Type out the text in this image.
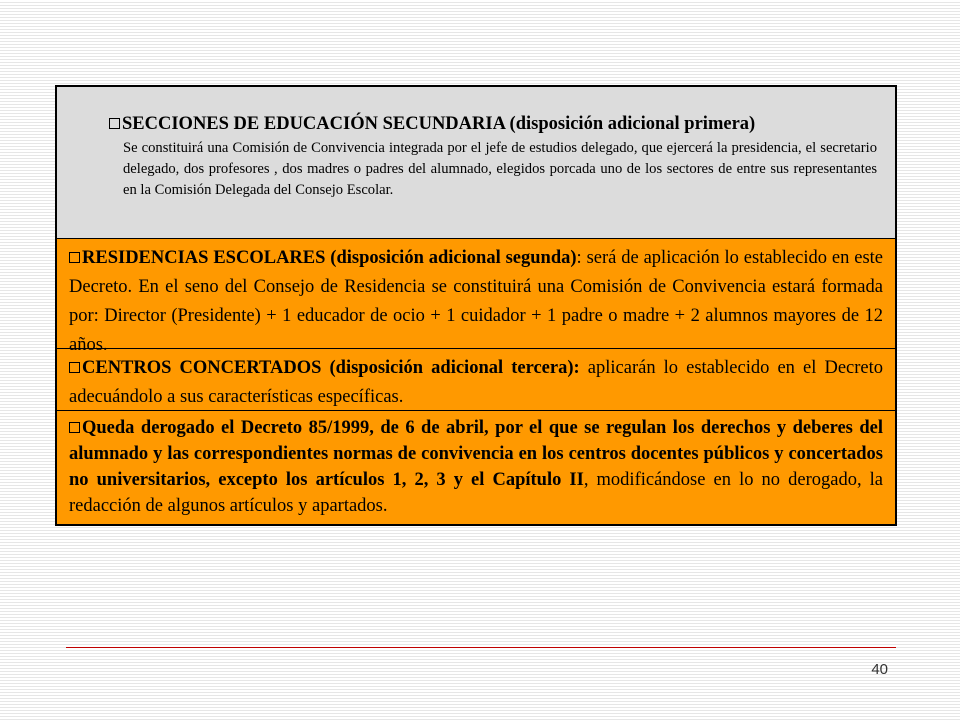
SECCIONES DE EDUCACIÓN SECUNDARIA (disposición adicional primera)
Se constituirá una Comisión de Convivencia integrada por el jefe de estudios delegado, que ejercerá la presidencia, el secretario delegado, dos profesores , dos madres o padres del alumnado, elegidos porcada uno de los sectores de entre sus representantes en la Comisión Delegada del Consejo Escolar.
RESIDENCIAS ESCOLARES (disposición adicional segunda): será de aplicación lo establecido en este Decreto. En el seno del Consejo de Residencia se constituirá una Comisión de Convivencia estará formada por: Director (Presidente) + 1 educador de ocio + 1 cuidador + 1 padre o madre + 2 alumnos mayores de 12 años.
CENTROS CONCERTADOS (disposición adicional tercera): aplicarán lo establecido en el Decreto adecuándolo a sus características específicas.
Queda derogado el Decreto 85/1999, de 6 de abril, por el que se regulan los derechos y deberes del alumnado y las correspondientes normas de convivencia en los centros docentes públicos y concertados no universitarios, excepto los artículos 1, 2, 3 y el Capítulo II, modificándose en lo no derogado, la redacción de algunos artículos y apartados.
40
